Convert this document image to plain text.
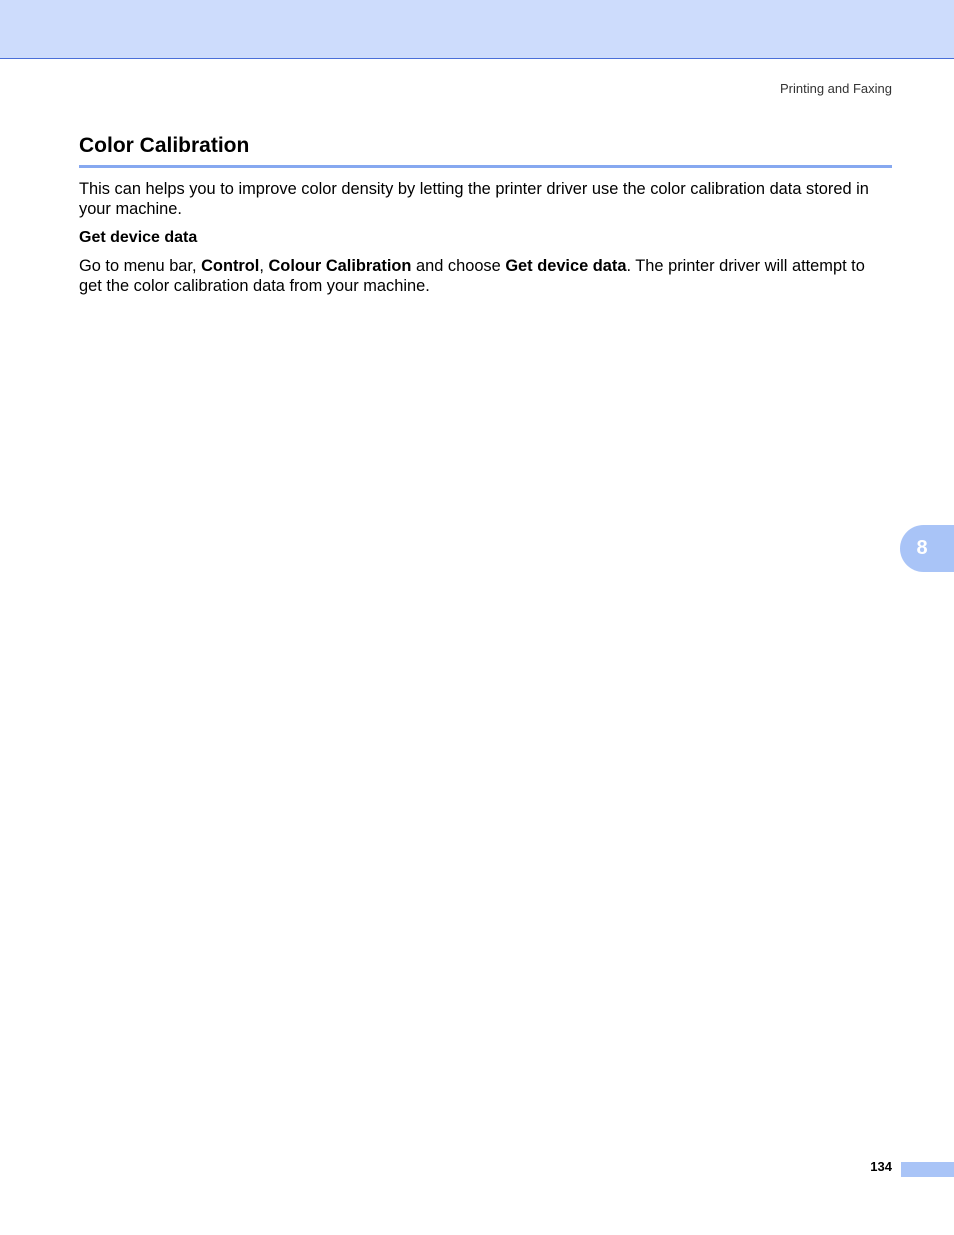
Printing and Faxing
Color Calibration

This can helps you to improve color density by letting the printer driver use the color calibration data stored in your machine.

Get device data

Go to menu bar, Control, Colour Calibration and choose Get device data. The printer driver will attempt to get the color calibration data from your machine.

8
134
